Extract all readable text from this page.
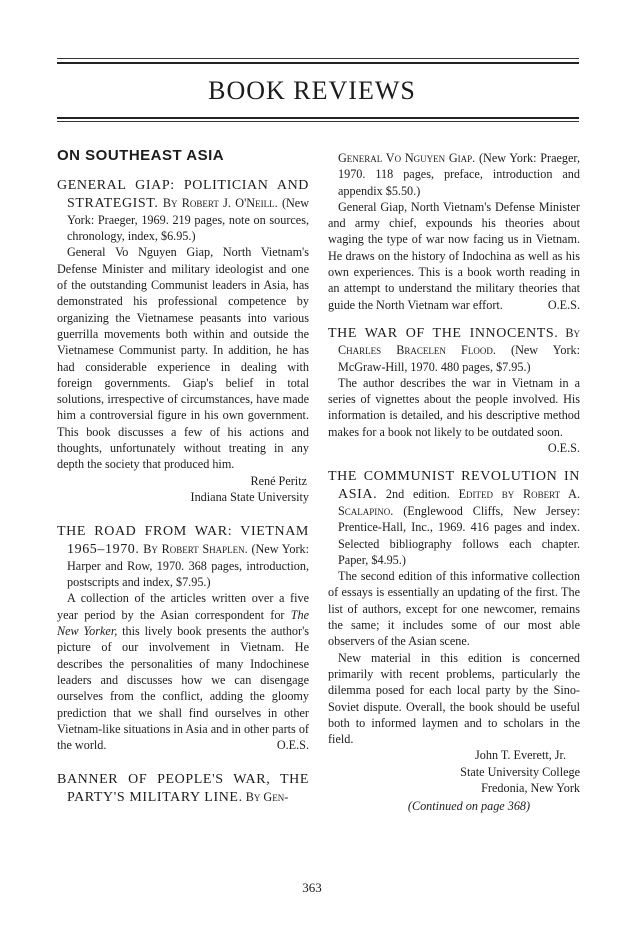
BOOK REVIEWS
ON SOUTHEAST ASIA

GENERAL GIAP: POLITICIAN AND STRATEGIST. By Robert J. O'Neill. (New York: Praeger, 1969. 219 pages, note on sources, chronology, index, $6.95.)

General Vo Nguyen Giap, North Vietnam's Defense Minister and military ideologist and one of the outstanding Communist leaders in Asia, has demonstrated his professional competence by organizing the Vietnamese peasants into various guerrilla movements both within and outside the Vietnamese Communist party. In addition, he has had considerable experience in dealing with foreign governments. Giap's belief in total solutions, irrespective of circumstances, have made him a controversial figure in his own government. This book discusses a few of his actions and thoughts, unfortunately without treating in any depth the society that produced him.

René Peritz

Indiana State University

THE ROAD FROM WAR: VIETNAM 1965–1970. By Robert Shaplen. (New York: Harper and Row, 1970. 368 pages, introduction, postscripts and index, $7.95.)

A collection of the articles written over a five year period by the Asian correspondent for The New Yorker, this lively book presents the author's picture of our involvement in Vietnam. He describes the personalities of many Indochinese leaders and discusses how we can disengage ourselves from the conflict, adding the gloomy prediction that we shall find ourselves in other Vietnam-like situations in Asia and in other parts of the world.	O.E.S.

BANNER OF PEOPLE'S WAR, THE PARTY'S MILITARY LINE. By Gen-

General Vo Nguyen Giap. (New York: Praeger, 1970. 118 pages, preface, introduction and appendix $5.50.)

General Giap, North Vietnam's Defense Minister and army chief, expounds his theories about waging the type of war now facing us in Vietnam. He draws on the history of Indochina as well as his own experiences. This is a book worth reading in an attempt to understand the military theories that guide the North Vietnam war effort.	O.E.S.

THE WAR OF THE INNOCENTS. By Charles Bracelen Flood. (New York: McGraw-Hill, 1970. 480 pages, $7.95.)

The author describes the war in Vietnam in a series of vignettes about the people involved. His information is detailed, and his descriptive method makes for a book not likely to be outdated soon.
O.E.S.

THE COMMUNIST REVOLUTION IN ASIA. 2nd edition. Edited by Robert A. Scalapino. (Englewood Cliffs, New Jersey: Prentice-Hall, Inc., 1969. 416 pages and index. Selected bibliography follows each chapter. Paper, $4.95.)

The second edition of this informative collection of essays is essentially an updating of the first. The list of authors, except for one newcomer, remains the same; it includes some of our most able observers of the Asian scene.

New material in this edition is concerned primarily with recent problems, particularly the dilemma posed for each local party by the Sino-Soviet dispute. Overall, the book should be useful both to informed laymen and to scholars in the field.

John T. Everett, Jr.

State University College

Fredonia, New York

(Continued on page 368)

363
